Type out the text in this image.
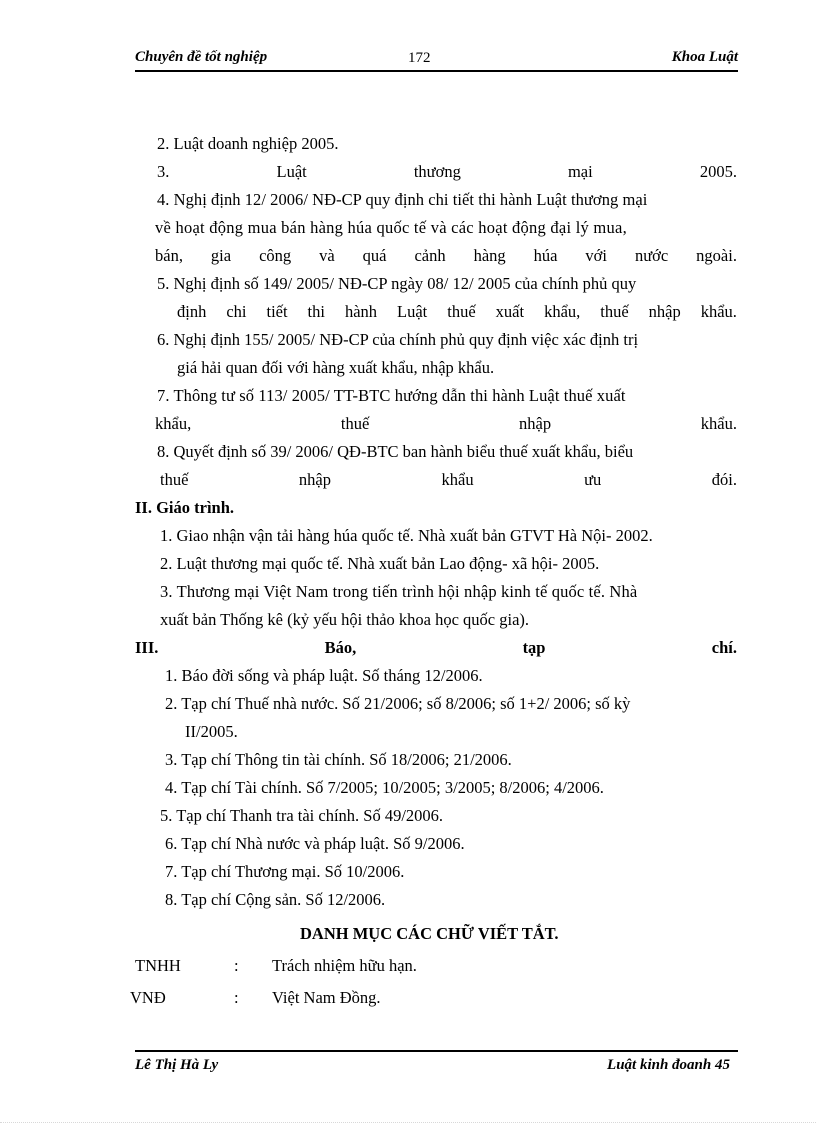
Chuyên đề tốt nghiệp	172	Khoa Luật
2. Luật doanh nghiệp 2005.
3.	Luật	thương	mại	2005.
4. Nghị định 12/ 2006/ NĐ-CP quy định chi tiết thi hành Luật thương mại
về hoạt động mua bán hàng húa quốc tế và các hoạt động đại lý mua,
bán, gia công và quá cảnh hàng húa với nước ngoài.
5. Nghị định số 149/ 2005/ NĐ-CP ngày 08/ 12/ 2005 của chính phủ quy
định chi tiết thi hành Luật thuế xuất khẩu, thuế nhập khẩu.
6. Nghị định 155/ 2005/ NĐ-CP của chính phủ quy định việc xác định trị
giá hải quan đối với hàng xuất khẩu, nhập khẩu.
7. Thông tư số 113/ 2005/ TT-BTC hướng dẫn thi hành Luật thuế xuất
khẩu,	thuế	nhập	khẩu.
8. Quyết định số 39/ 2006/ QĐ-BTC ban hành biểu thuế xuất khẩu, biểu
thuế	nhập	khẩu	ưu	đói.
II. Giáo trình.
1. Giao nhận vận tải hàng húa quốc tế. Nhà xuất bản GTVT Hà Nội- 2002.
2. Luật thương mại quốc tế. Nhà xuất bản Lao động- xã hội- 2005.
3. Thương mại Việt Nam trong tiến trình hội nhập kinh tế quốc tế. Nhà
xuất bản Thống kê (kỷ yếu hội thảo khoa học quốc gia).
III.	Báo,	tạp	chí.
1. Báo đời sống và pháp luật. Số tháng 12/2006.
2. Tạp chí Thuế nhà nước. Số 21/2006; số 8/2006; số 1+2/ 2006; số kỳ
II/2005.
3. Tạp chí Thông tin tài chính. Số 18/2006; 21/2006.
4. Tạp chí Tài chính. Số 7/2005; 10/2005; 3/2005; 8/2006; 4/2006.
5. Tạp chí Thanh tra tài chính. Số 49/2006.
6. Tạp chí Nhà nước và pháp luật. Số 9/2006.
7. Tạp chí Thương mại. Số 10/2006.
8. Tạp chí Cộng sản. Số 12/2006.
DANH MỤC CÁC CHỮ VIẾT TẮT.
TNHH	: Trách nhiệm hữu hạn.
VNĐ	: Việt Nam Đồng.
Lê Thị Hà Ly	Luật kinh đoanh 45
